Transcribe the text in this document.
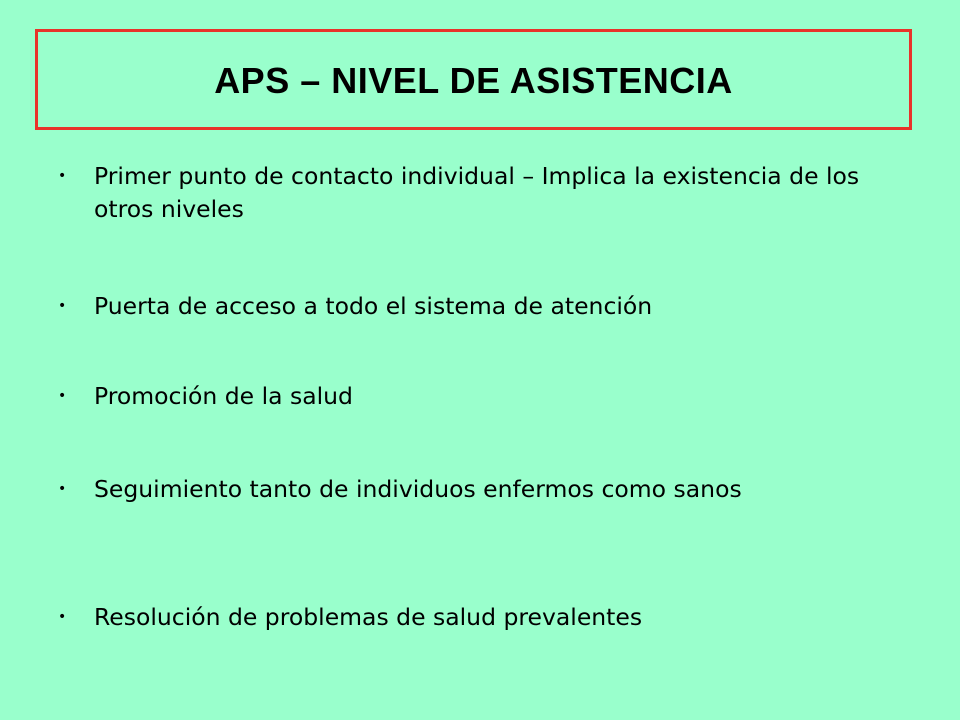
APS – NIVEL DE ASISTENCIA
•	Primer punto de contacto individual – Implica la existencia de los otros niveles
•	Puerta de acceso a todo el sistema de atención
•	Promoción de la salud
•	Seguimiento tanto de individuos enfermos como sanos
•	Resolución de problemas de salud prevalentes
